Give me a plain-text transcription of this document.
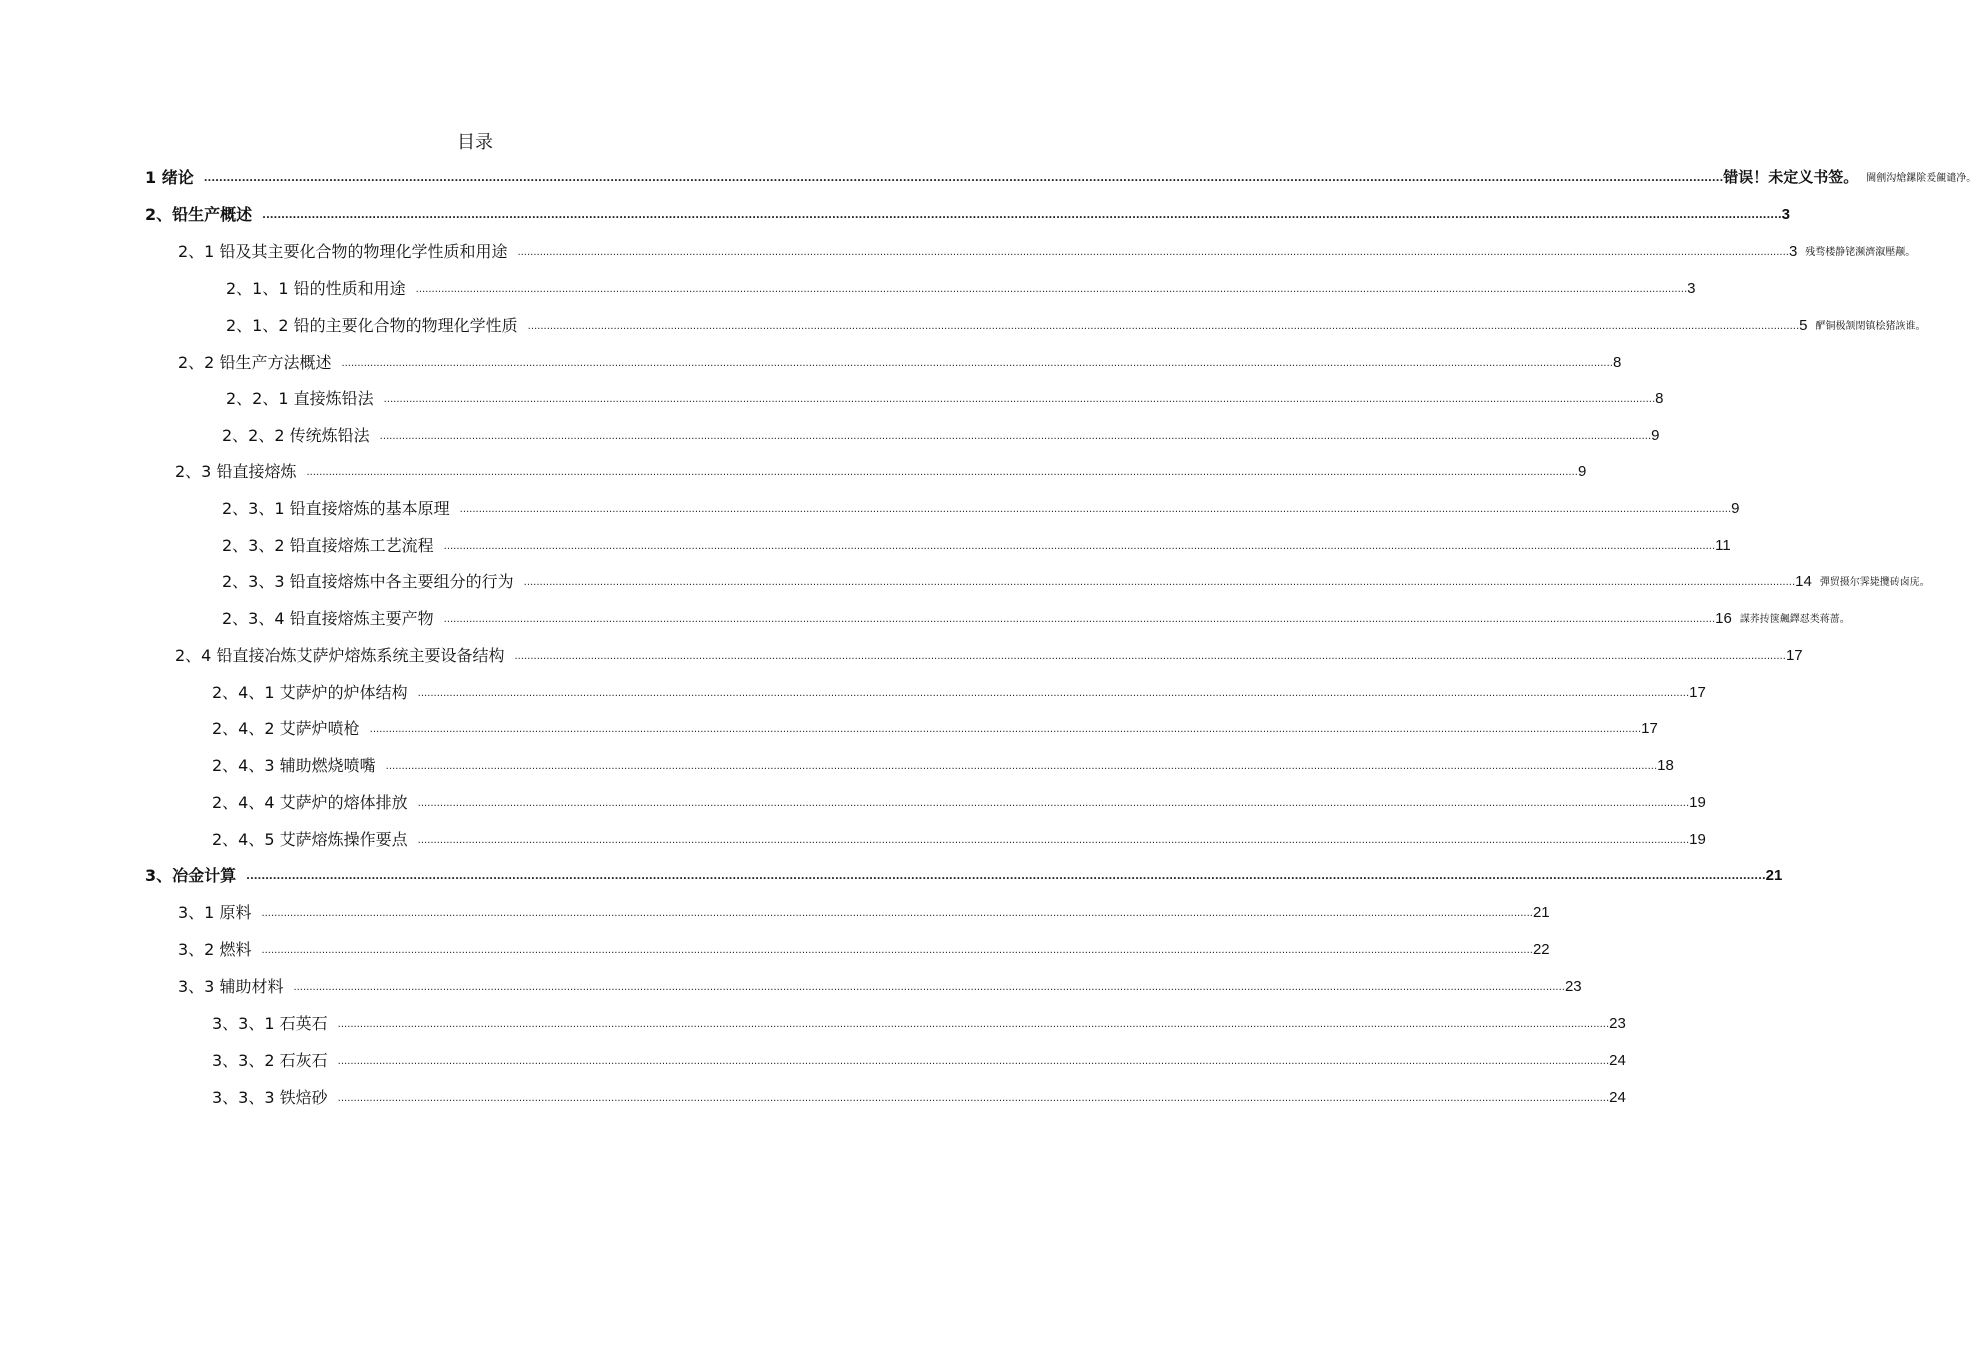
目录
1 绪论	................................................................................................................................................................................................................................................................................................................................................................................................................ 错误！未定义书签。 閫劊沟熗鏍隂爰覦谴净。
2、铅生产概述	................................................................................................................................................................................................................................................................................................................................................................................................................ 3
2、1 铅及其主要化合物的物理化学性质和用途	................................................................................................................................................................................................................................................................................................................................................................................................................ 3 残骛楼静铑濒濟溆壓颟。
2、1、1 铅的性质和用途	................................................................................................................................................................................................................................................................................................................................................................................................................ 3
2、1、2 铅的主要化合物的物理化学性质	................................................................................................................................................................................................................................................................................................................................................................................................................ 5 酽铜极颔閉镇桧猪詼谁。
2、2 铅生产方法概述	................................................................................................................................................................................................................................................................................................................................................................................................................ 8
2、2、1 直接炼铅法	................................................................................................................................................................................................................................................................................................................................................................................................................ 8
2、2、2 传统炼铅法	................................................................................................................................................................................................................................................................................................................................................................................................................ 9
2、3 铅直接熔炼	................................................................................................................................................................................................................................................................................................................................................................................................................ 9
2、3、1 铅直接熔炼的基本原理	................................................................................................................................................................................................................................................................................................................................................................................................................ 9
2、3、2 铅直接熔炼工艺流程	................................................................................................................................................................................................................................................................................................................................................................................................................ 11
2、3、3 铅直接熔炼中各主要组分的行为	................................................................................................................................................................................................................................................................................................................................................................................................................ 14 彈贸摄尔霁毙攬砖卤庑。
2、3、4 铅直接熔炼主要产物	................................................................................................................................................................................................................................................................................................................................................................................................................ 16 謀荞抟箧飆鐸怼类蒋蔷。
2、4 铅直接冶炼艾萨炉熔炼系统主要设备结构	................................................................................................................................................................................................................................................................................................................................................................................................................ 17
2、4、1 艾萨炉的炉体结构	................................................................................................................................................................................................................................................................................................................................................................................................................ 17
2、4、2 艾萨炉喷枪	................................................................................................................................................................................................................................................................................................................................................................................................................ 17
2、4、3 辅助燃烧喷嘴	................................................................................................................................................................................................................................................................................................................................................................................................................ 18
2、4、4 艾萨炉的熔体排放	................................................................................................................................................................................................................................................................................................................................................................................................................ 19
2、4、5 艾萨熔炼操作要点	................................................................................................................................................................................................................................................................................................................................................................................................................ 19
3、冶金计算	................................................................................................................................................................................................................................................................................................................................................................................................................ 21
3、1 原料	................................................................................................................................................................................................................................................................................................................................................................................................................ 21
3、2 燃料	................................................................................................................................................................................................................................................................................................................................................................................................................ 22
3、3 辅助材料	................................................................................................................................................................................................................................................................................................................................................................................................................ 23
3、3、1 石英石	................................................................................................................................................................................................................................................................................................................................................................................................................ 23
3、3、2 石灰石	................................................................................................................................................................................................................................................................................................................................................................................................................ 24
3、3、3 铁焙砂	................................................................................................................................................................................................................................................................................................................................................................................................................ 24
